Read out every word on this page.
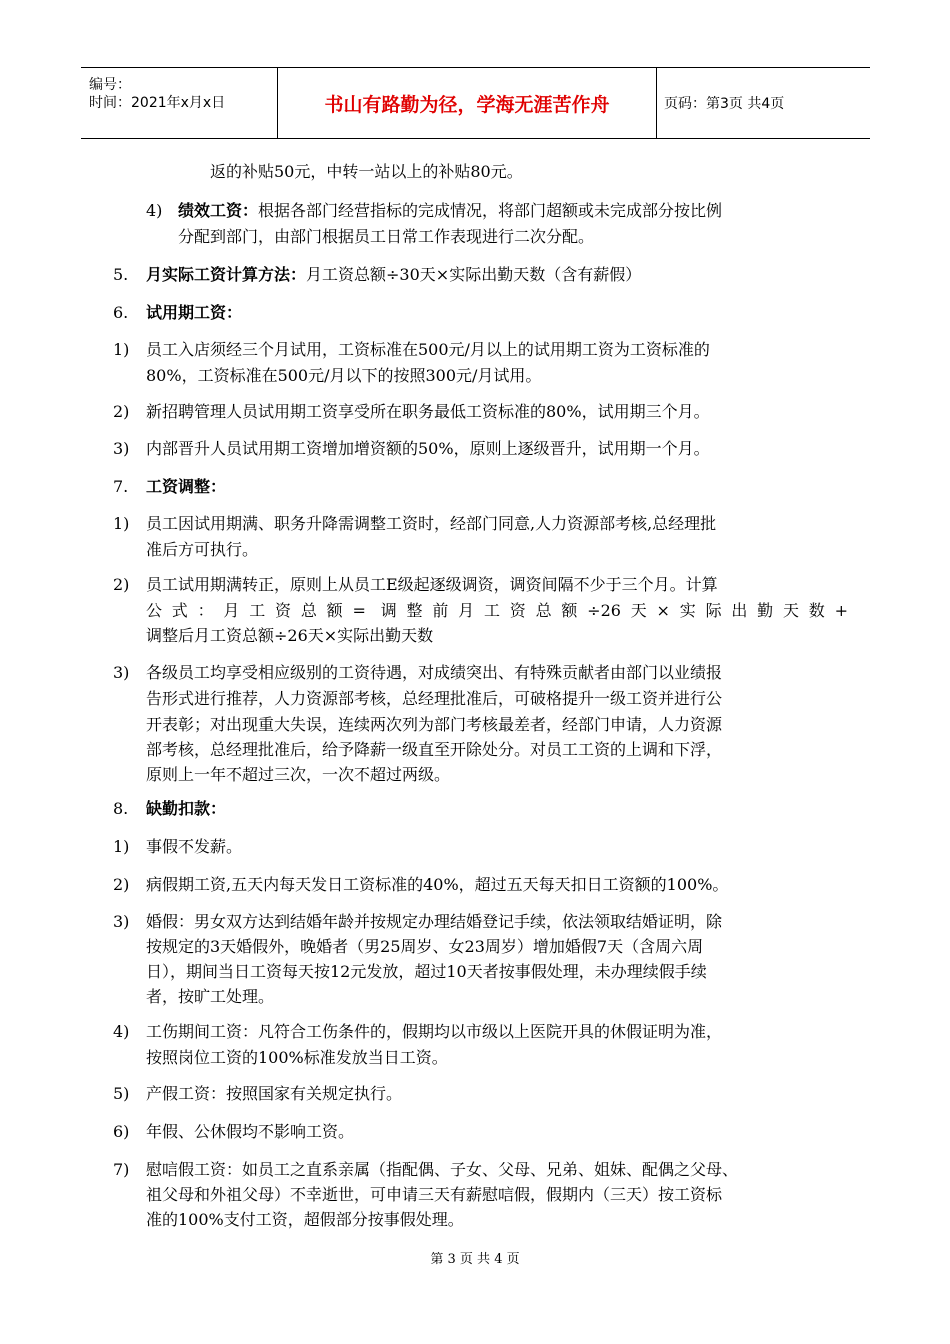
编号：
时间：2021年x月x日	书山有路勤为径，学海无涯苦作舟	页码：第3页 共4页
返的补贴50元，中转一站以上的补贴80元。
4) 绩效工资：根据各部门经营指标的完成情况，将部门超额或未完成部分按比例
分配到部门，由部门根据员工日常工作表现进行二次分配。
5. 月实际工资计算方法：月工资总额÷30天×实际出勤天数（含有薪假）
6. 试用期工资：
1) 员工入店须经三个月试用，工资标准在500元/月以上的试用期工资为工资标准的
80%，工资标准在500元/月以下的按照300元/月试用。
2) 新招聘管理人员试用期工资享受所在职务最低工资标准的80%，试用期三个月。
3) 内部晋升人员试用期工资增加增资额的50%，原则上逐级晋升，试用期一个月。
7. 工资调整：
1) 员工因试用期满、职务升降需调整工资时，经部门同意,人力资源部考核,总经理批
准后方可执行。
2) 员工试用期满转正，原则上从员工E级起逐级调资，调资间隔不少于三个月。计算
公式：月工资总额= 调整前月工资总额÷26天×实际出勤天数+
调整后月工资总额÷26天×实际出勤天数
3) 各级员工均享受相应级别的工资待遇，对成绩突出、有特殊贡献者由部门以业绩报
告形式进行推荐，人力资源部考核，总经理批准后，可破格提升一级工资并进行公
开表彰；对出现重大失误，连续两次列为部门考核最差者，经部门申请，人力资源
部考核，总经理批准后，给予降薪一级直至开除处分。对员工工资的上调和下浮，
原则上一年不超过三次，一次不超过两级。
8. 缺勤扣款：
1) 事假不发薪。
2) 病假期工资,五天内每天发日工资标准的40%，超过五天每天扣日工资额的100%。
3) 婚假：男女双方达到结婚年龄并按规定办理结婚登记手续，依法领取结婚证明，除
按规定的3天婚假外，晚婚者（男25周岁、女23周岁）增加婚假7天（含周六周
日），期间当日工资每天按12元发放，超过10天者按事假处理，未办理续假手续
者，按旷工处理。
4) 工伤期间工资：凡符合工伤条件的，假期均以市级以上医院开具的休假证明为准，
按照岗位工资的100%标准发放当日工资。
5) 产假工资：按照国家有关规定执行。
6) 年假、公休假均不影响工资。
7) 慰唁假工资：如员工之直系亲属（指配偶、子女、父母、兄弟、姐妹、配偶之父母、
祖父母和外祖父母）不幸逝世，可申请三天有薪慰唁假，假期内（三天）按工资标
准的100%支付工资，超假部分按事假处理。
第 3 页 共 4 页
